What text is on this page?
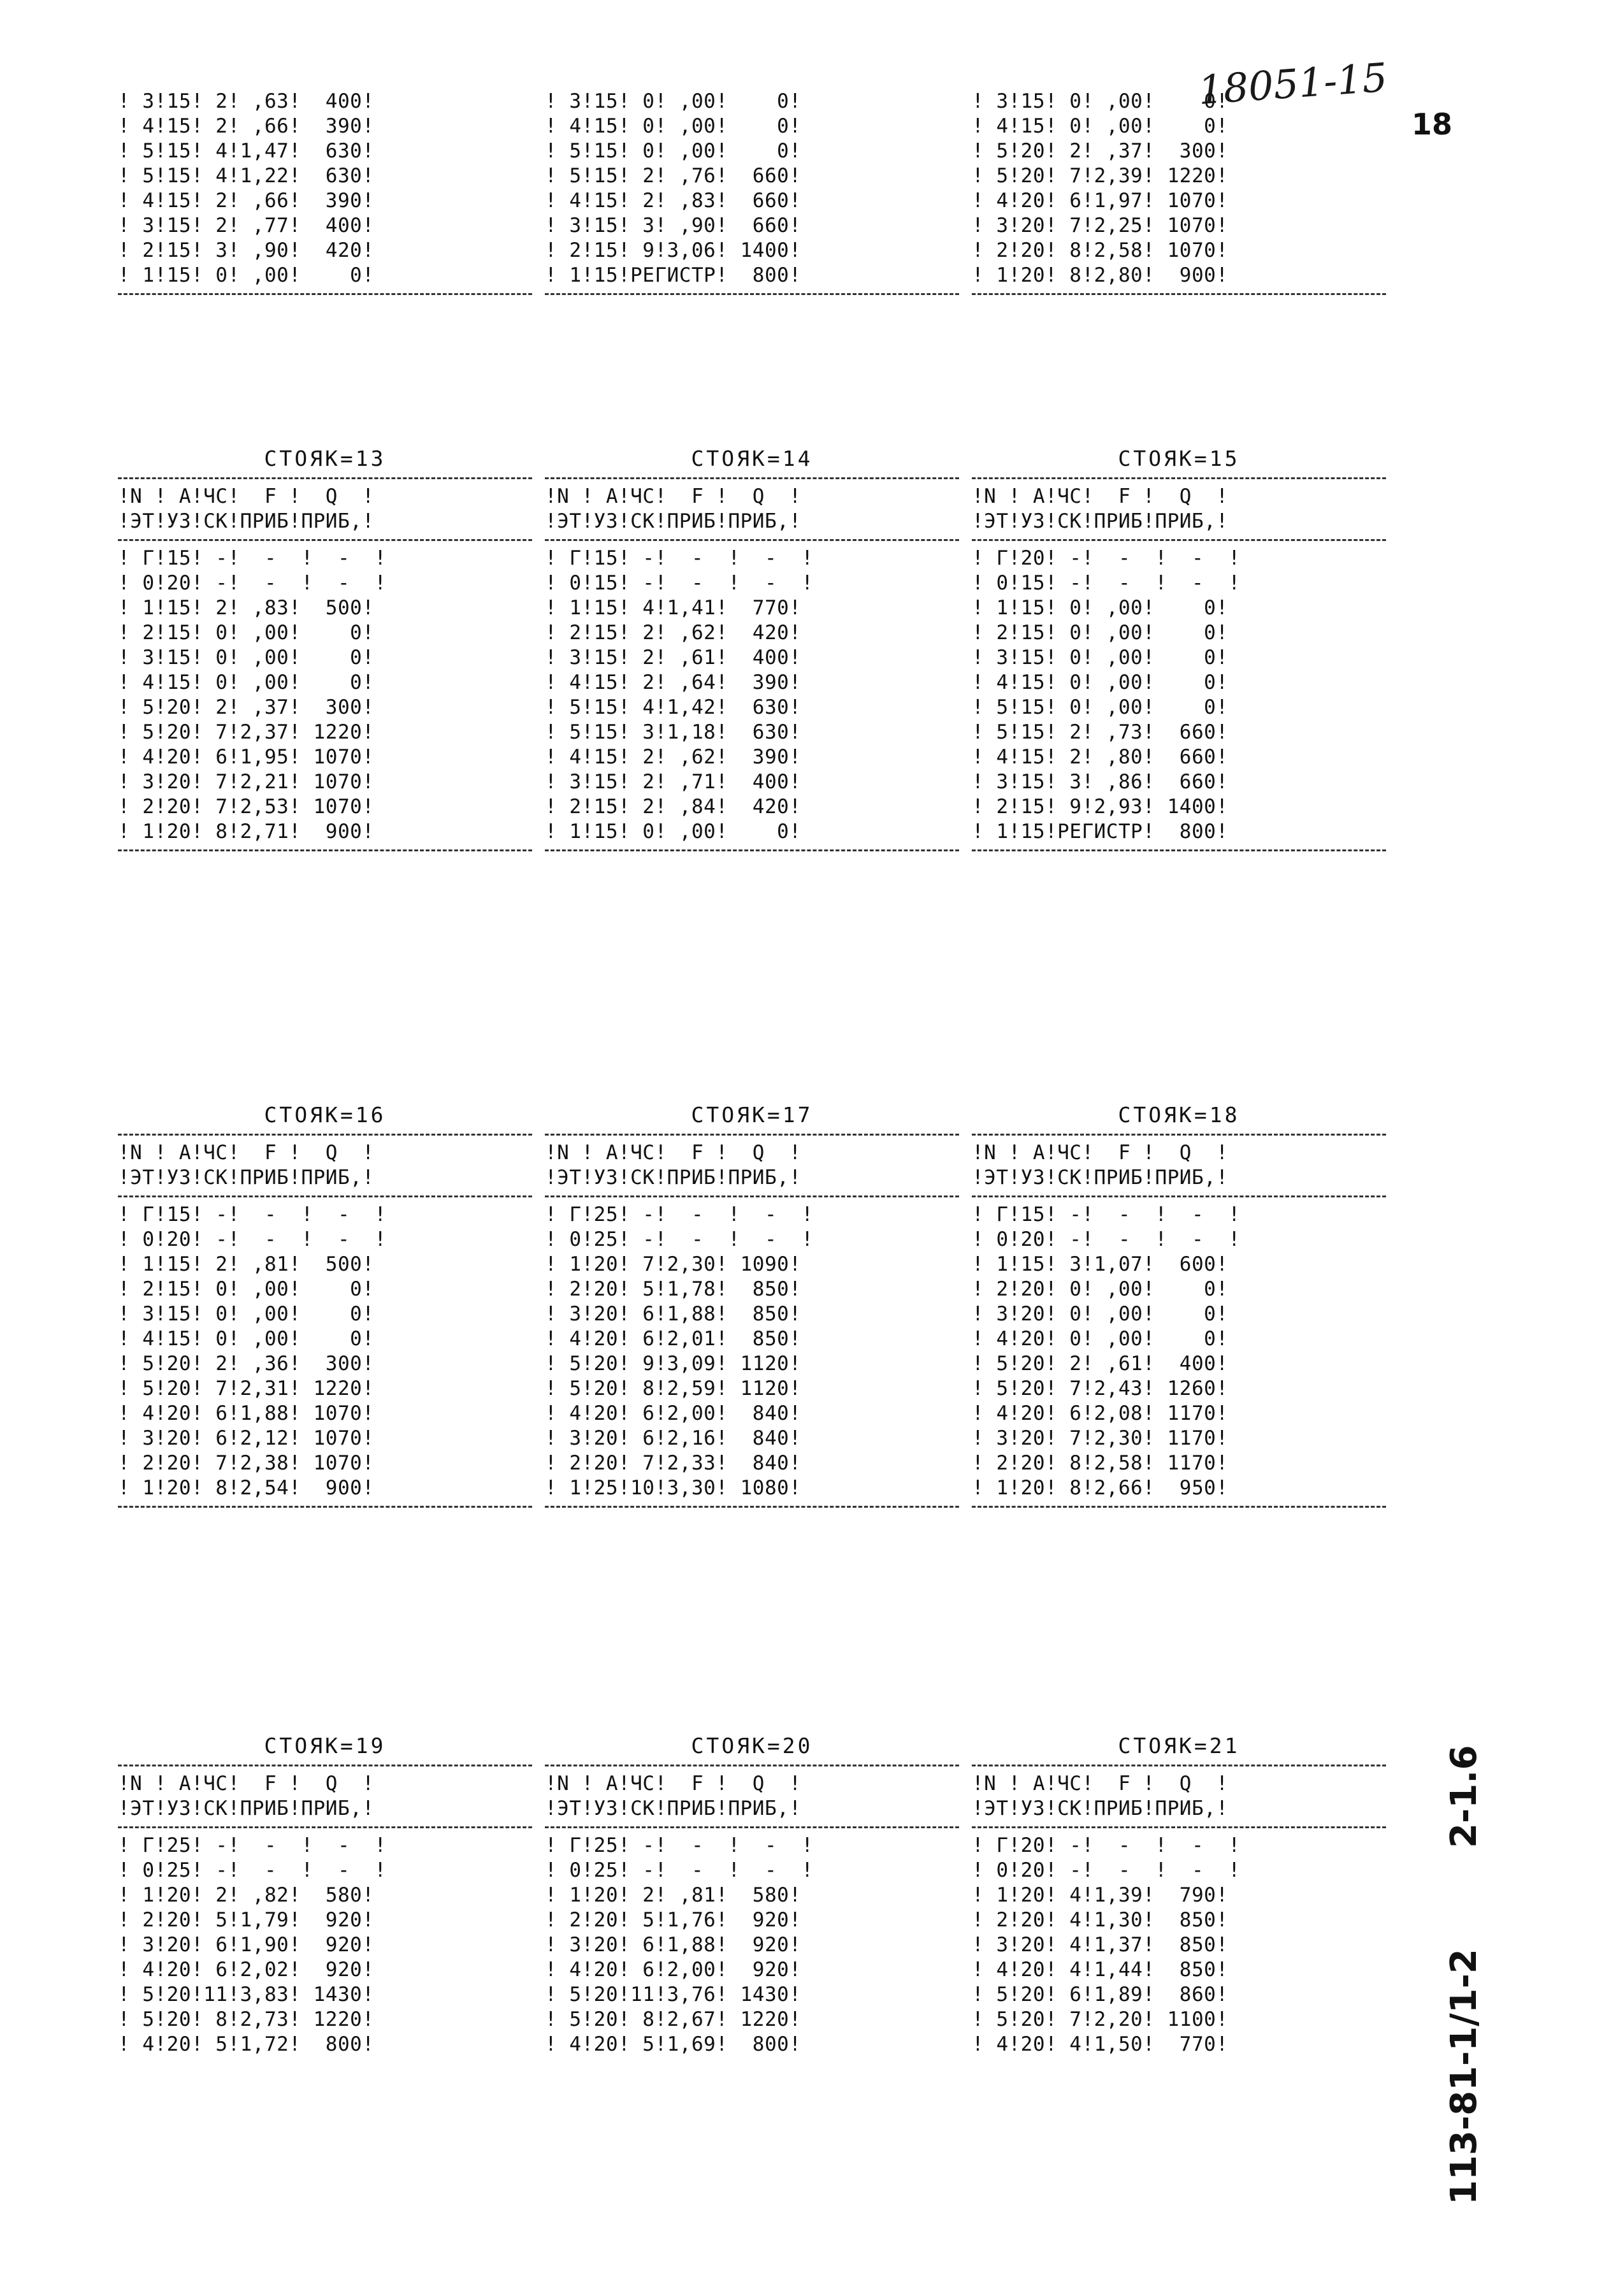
18051-15
18
2-1.6
113-81-1/1-2
! 3!15! 2! ,63!  400!
! 4!15! 2! ,66!  390!
! 5!15! 4!1,47!  630!
! 5!15! 4!1,22!  630!
! 4!15! 2! ,66!  390!
! 3!15! 2! ,77!  400!
! 2!15! 3! ,90!  420!
! 1!15! 0! ,00!    0!
! 3!15! 0! ,00!    0!
! 4!15! 0! ,00!    0!
! 5!15! 0! ,00!    0!
! 5!15! 2! ,76!  660!
! 4!15! 2! ,83!  660!
! 3!15! 3! ,90!  660!
! 2!15! 9!3,06! 1400!
! 1!15!РЕГИСТР!  800!
! 3!15! 0! ,00!    0!
! 4!15! 0! ,00!    0!
! 5!20! 2! ,37!  300!
! 5!20! 7!2,39! 1220!
! 4!20! 6!1,97! 1070!
! 3!20! 7!2,25! 1070!
! 2!20! 8!2,58! 1070!
! 1!20! 8!2,80!  900!
СТОЯК=13
!N ! A!ЧС!  F !  Q  !
!ЭТ!УЗ!СК!ПРИБ!ПРИБ,!
! Г!15! -!  -  !  -  !
! 0!20! -!  -  !  -  !
! 1!15! 2! ,83!  500!
! 2!15! 0! ,00!    0!
! 3!15! 0! ,00!    0!
! 4!15! 0! ,00!    0!
! 5!20! 2! ,37!  300!
! 5!20! 7!2,37! 1220!
! 4!20! 6!1,95! 1070!
! 3!20! 7!2,21! 1070!
! 2!20! 7!2,53! 1070!
! 1!20! 8!2,71!  900!
СТОЯК=14
!N ! A!ЧС!  F !  Q  !
!ЭТ!УЗ!СК!ПРИБ!ПРИБ,!
! Г!15! -!  -  !  -  !
! 0!15! -!  -  !  -  !
! 1!15! 4!1,41!  770!
! 2!15! 2! ,62!  420!
! 3!15! 2! ,61!  400!
! 4!15! 2! ,64!  390!
! 5!15! 4!1,42!  630!
! 5!15! 3!1,18!  630!
! 4!15! 2! ,62!  390!
! 3!15! 2! ,71!  400!
! 2!15! 2! ,84!  420!
! 1!15! 0! ,00!    0!
СТОЯК=15
!N ! A!ЧС!  F !  Q  !
!ЭТ!УЗ!СК!ПРИБ!ПРИБ,!
! Г!20! -!  -  !  -  !
! 0!15! -!  -  !  -  !
! 1!15! 0! ,00!    0!
! 2!15! 0! ,00!    0!
! 3!15! 0! ,00!    0!
! 4!15! 0! ,00!    0!
! 5!15! 0! ,00!    0!
! 5!15! 2! ,73!  660!
! 4!15! 2! ,80!  660!
! 3!15! 3! ,86!  660!
! 2!15! 9!2,93! 1400!
! 1!15!РЕГИСТР!  800!
СТОЯК=16
!N ! A!ЧС!  F !  Q  !
!ЭТ!УЗ!СК!ПРИБ!ПРИБ,!
! Г!15! -!  -  !  -  !
! 0!20! -!  -  !  -  !
! 1!15! 2! ,81!  500!
! 2!15! 0! ,00!    0!
! 3!15! 0! ,00!    0!
! 4!15! 0! ,00!    0!
! 5!20! 2! ,36!  300!
! 5!20! 7!2,31! 1220!
! 4!20! 6!1,88! 1070!
! 3!20! 6!2,12! 1070!
! 2!20! 7!2,38! 1070!
! 1!20! 8!2,54!  900!
СТОЯК=17
!N ! A!ЧС!  F !  Q  !
!ЭТ!УЗ!СК!ПРИБ!ПРИБ,!
! Г!25! -!  -  !  -  !
! 0!25! -!  -  !  -  !
! 1!20! 7!2,30! 1090!
! 2!20! 5!1,78!  850!
! 3!20! 6!1,88!  850!
! 4!20! 6!2,01!  850!
! 5!20! 9!3,09! 1120!
! 5!20! 8!2,59! 1120!
! 4!20! 6!2,00!  840!
! 3!20! 6!2,16!  840!
! 2!20! 7!2,33!  840!
! 1!25!10!3,30! 1080!
СТОЯК=18
!N ! A!ЧС!  F !  Q  !
!ЭТ!УЗ!СК!ПРИБ!ПРИБ,!
! Г!15! -!  -  !  -  !
! 0!20! -!  -  !  -  !
! 1!15! 3!1,07!  600!
! 2!20! 0! ,00!    0!
! 3!20! 0! ,00!    0!
! 4!20! 0! ,00!    0!
! 5!20! 2! ,61!  400!
! 5!20! 7!2,43! 1260!
! 4!20! 6!2,08! 1170!
! 3!20! 7!2,30! 1170!
! 2!20! 8!2,58! 1170!
! 1!20! 8!2,66!  950!
СТОЯК=19
!N ! A!ЧС!  F !  Q  !
!ЭТ!УЗ!СК!ПРИБ!ПРИБ,!
! Г!25! -!  -  !  -  !
! 0!25! -!  -  !  -  !
! 1!20! 2! ,82!  580!
! 2!20! 5!1,79!  920!
! 3!20! 6!1,90!  920!
! 4!20! 6!2,02!  920!
! 5!20!11!3,83! 1430!
! 5!20! 8!2,73! 1220!
! 4!20! 5!1,72!  800!
СТОЯК=20
!N ! A!ЧС!  F !  Q  !
!ЭТ!УЗ!СК!ПРИБ!ПРИБ,!
! Г!25! -!  -  !  -  !
! 0!25! -!  -  !  -  !
! 1!20! 2! ,81!  580!
! 2!20! 5!1,76!  920!
! 3!20! 6!1,88!  920!
! 4!20! 6!2,00!  920!
! 5!20!11!3,76! 1430!
! 5!20! 8!2,67! 1220!
! 4!20! 5!1,69!  800!
СТОЯК=21
!N ! A!ЧС!  F !  Q  !
!ЭТ!УЗ!СК!ПРИБ!ПРИБ,!
! Г!20! -!  -  !  -  !
! 0!20! -!  -  !  -  !
! 1!20! 4!1,39!  790!
! 2!20! 4!1,30!  850!
! 3!20! 4!1,37!  850!
! 4!20! 4!1,44!  850!
! 5!20! 6!1,89!  860!
! 5!20! 7!2,20! 1100!
! 4!20! 4!1,50!  770!
